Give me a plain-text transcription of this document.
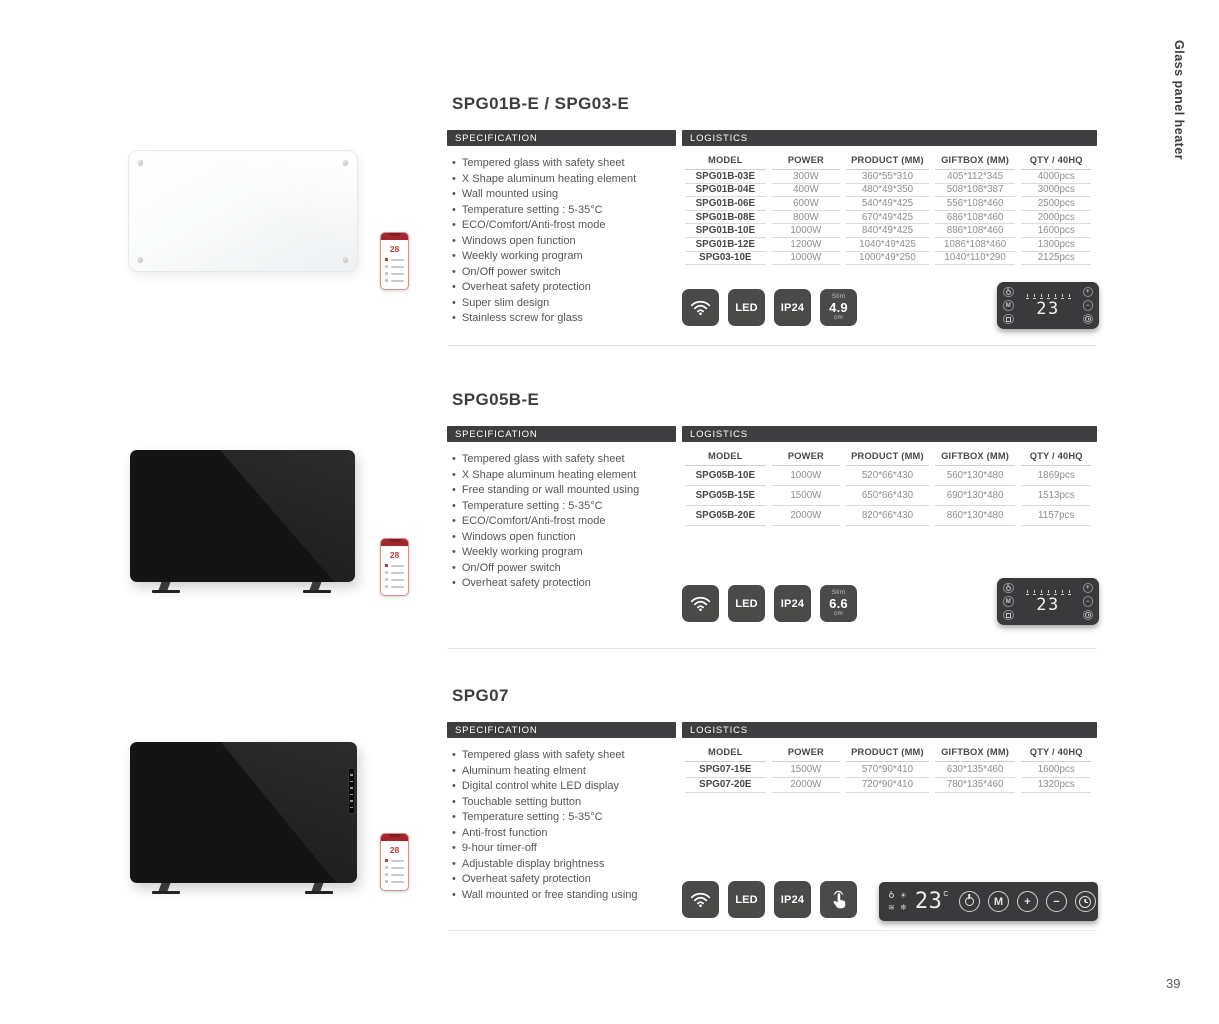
Glass panel heater
39
28
SPG01B-E / SPG03-E
SPECIFICATION	LOGISTICS
• Tempered glass with safety sheet
• X Shape aluminum heating element
• Wall mounted using
• Temperature setting : 5-35°C
• ECO/Comfort/Anti-frost mode
• Windows open function
• Weekly working program
• On/Off power switch
• Overheat safety protection
• Super slim design
• Stainless screw for glass
MODEL	POWER	PRODUCT (MM)	GIFTBOX (MM)	QTY / 40HQ
SPG01B-03E	300W	360*55*310	405*112*345	4000pcs
SPG01B-04E	400W	480*49*350	508*108*387	3000pcs
SPG01B-06E	600W	540*49*425	556*108*460	2500pcs
SPG01B-08E	800W	670*49*425	686*108*460	2000pcs
SPG01B-10E	1000W	840*49*425	886*108*460	1600pcs
SPG01B-12E	1200W	1040*49*425	1086*108*460	1300pcs
SPG03-10E	1000W	1000*49*250	1040*110*290	2125pcs
LED	IP24
Slim
4.9
cm
M 23
+
−
28
SPG05B-E
SPECIFICATION	LOGISTICS
• Tempered glass with safety sheet
• X Shape aluminum heating element
• Free standing or wall mounted using
• Temperature setting : 5-35°C
• ECO/Comfort/Anti-frost mode
• Windows open function
• Weekly working program
• On/Off power switch
• Overheat safety protection
MODEL	POWER	PRODUCT (MM)	GIFTBOX (MM)	QTY / 40HQ
SPG05B-10E	1000W	520*66*430	560*130*480	1869pcs
SPG05B-15E	1500W	650*66*430	690*130*480	1513pcs
SPG05B-20E	2000W	820*66*430	860*130*480	1157pcs
LED	IP24
Slim
6.6
cm
M 23
+
−
28
SPG07
SPECIFICATION	LOGISTICS
• Tempered glass with safety sheet
• Aluminum heating elment
• Digital control white LED display
• Touchable setting button
• Temperature setting : 5-35°C
• Anti-frost function
• 9-hour timer-off
• Adjustable display brightness
• Overheat safety protection
• Wall mounted or free standing using
MODEL	POWER	PRODUCT (MM)	GIFTBOX (MM)	QTY / 40HQ
SPG07-15E	1500W	570*90*410	630*135*460	1600pcs
SPG07-20E	2000W	720*90*410	780*135*460	1320pcs
LED	IP24	☀
≋ ❄ 23 C
M	+	−
